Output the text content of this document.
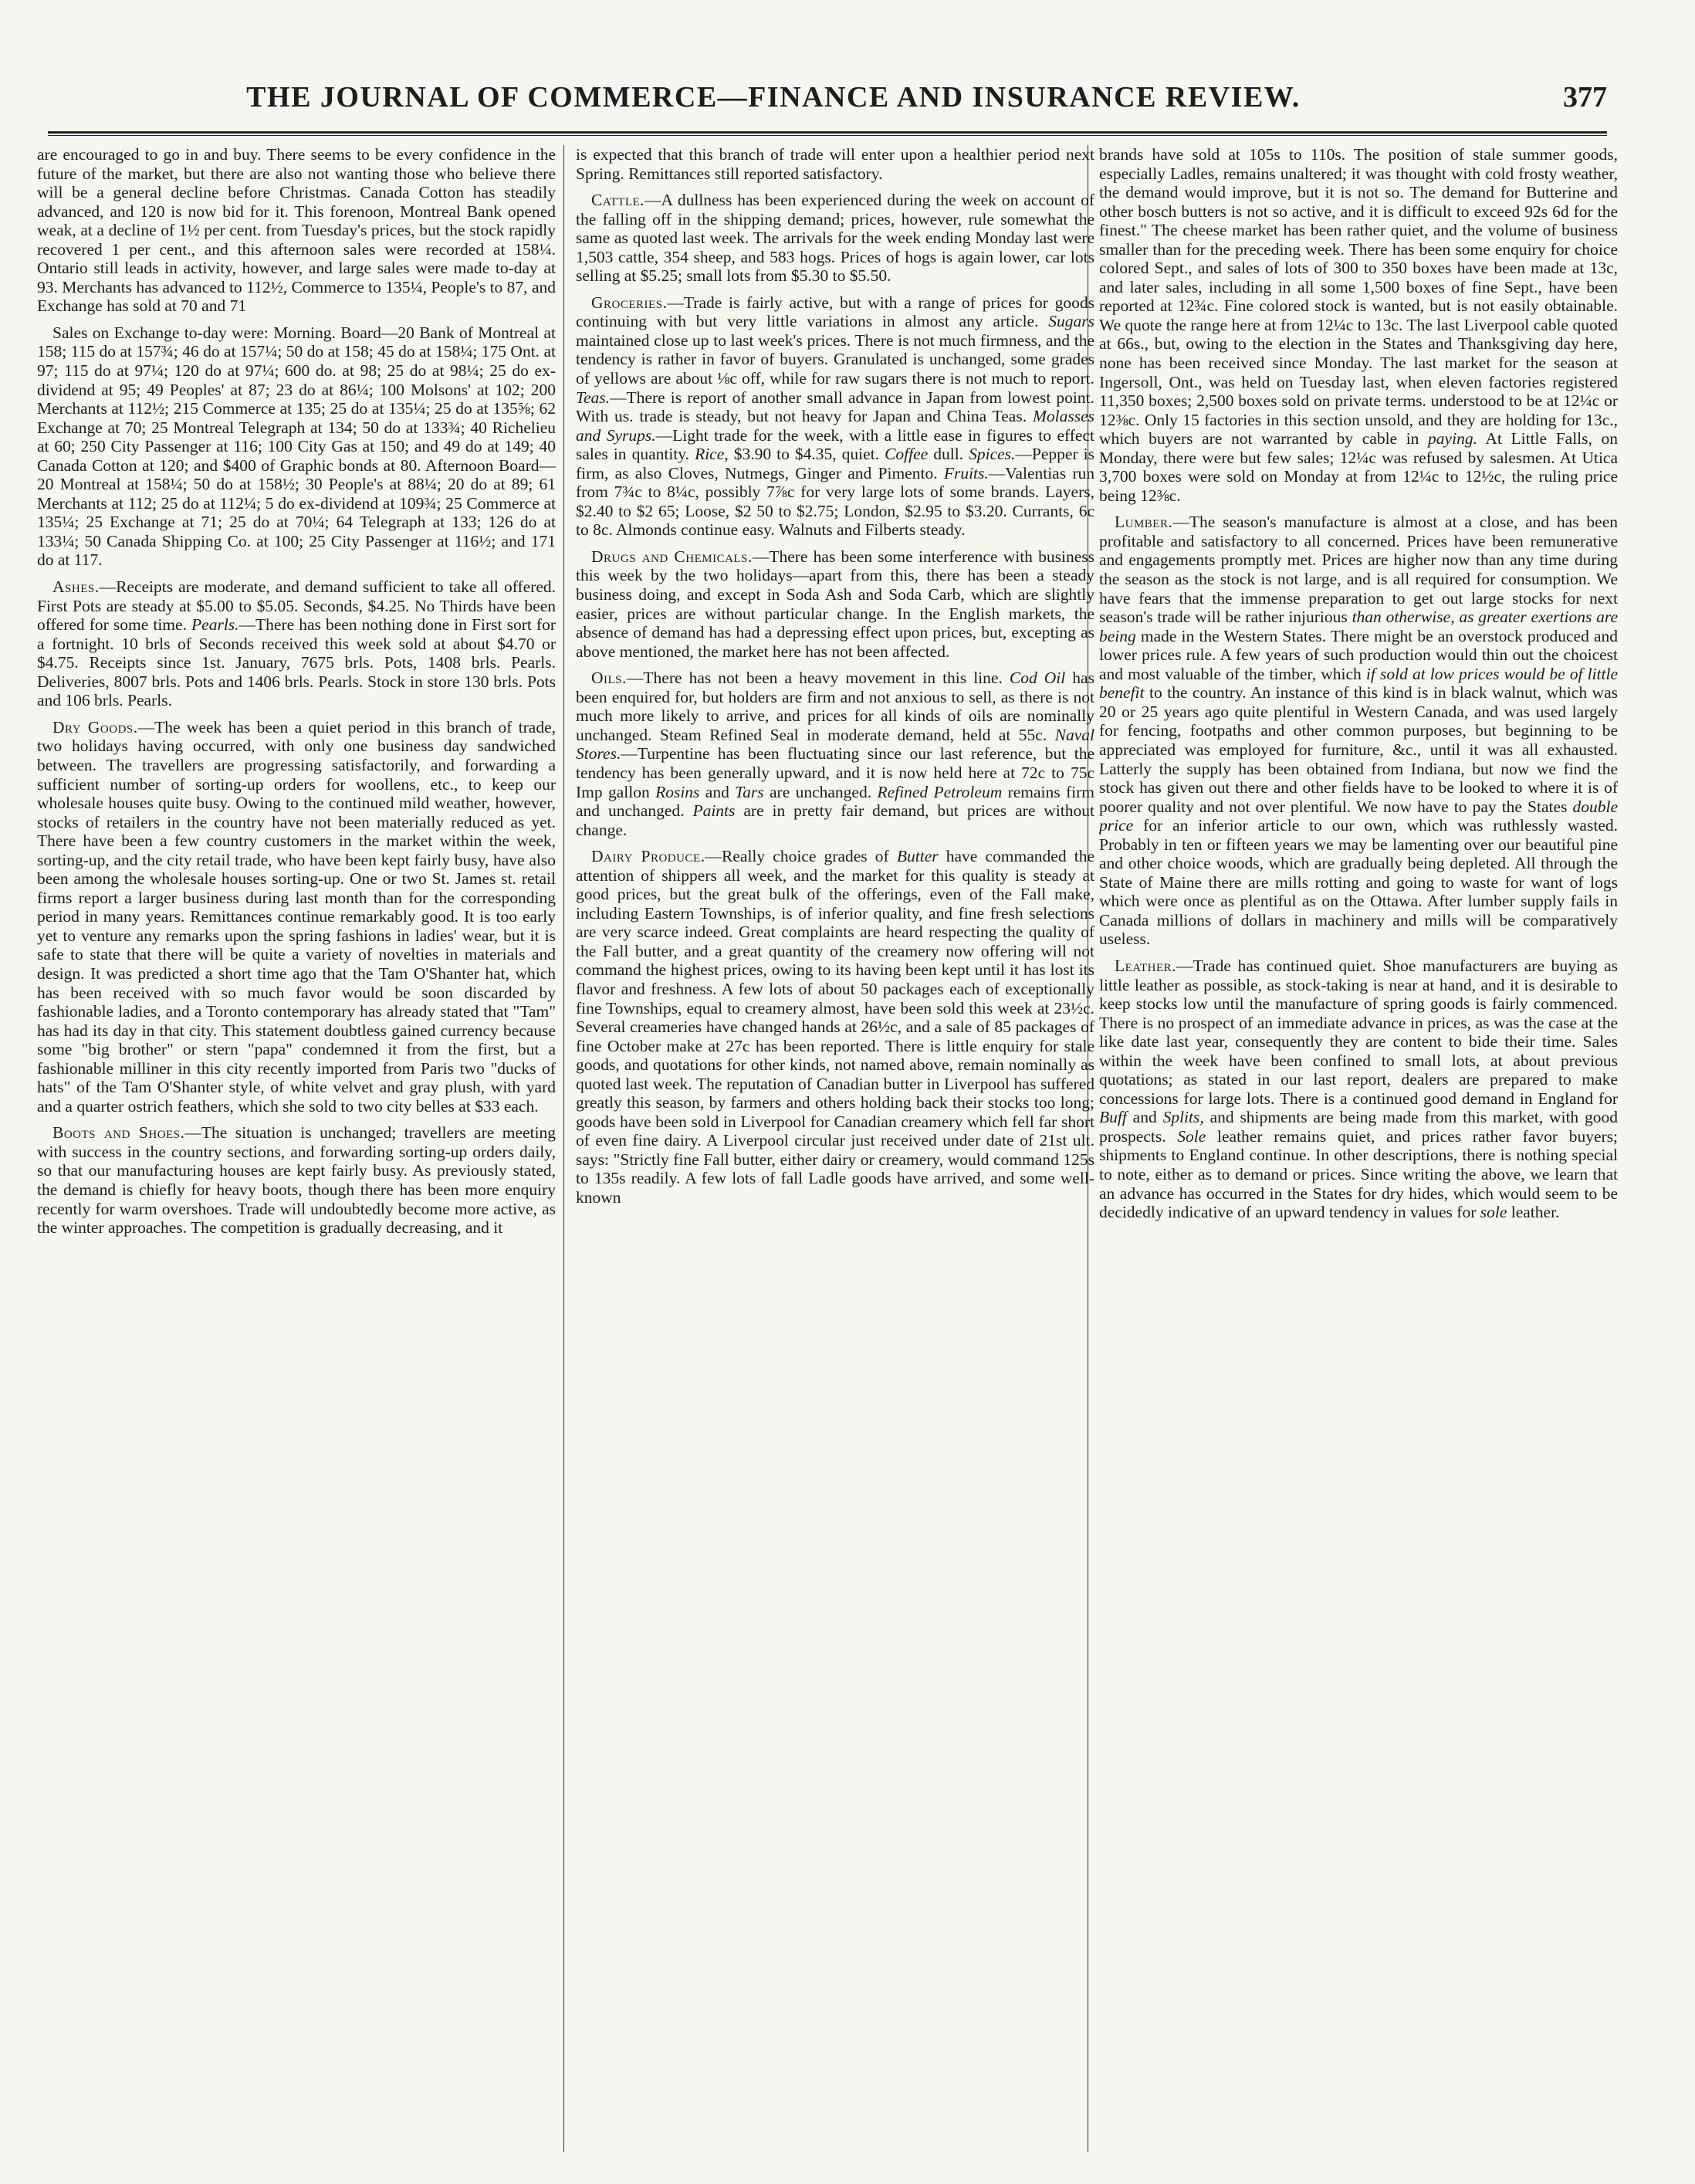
THE JOURNAL OF COMMERCE—FINANCE AND INSURANCE REVIEW.	377

are encouraged to go in and buy. There seems to be every confidence in the future of the market, but there are also not wanting those who believe there will be a general decline before Christmas. Canada Cotton has steadily advanced, and 120 is now bid for it. This forenoon, Montreal Bank opened weak, at a decline of 1½ per cent. from Tuesday's prices, but the stock rapidly recovered 1 per cent., and this afternoon sales were recorded at 158¼. Ontario still leads in activity, however, and large sales were made to-day at 93. Merchants has advanced to 112½, Commerce to 135¼, People's to 87, and Exchange has sold at 70 and 71

Sales on Exchange to-day were: Morning. Board—20 Bank of Montreal at 158; 115 do at 157¾; 46 do at 157¼; 50 do at 158; 45 do at 158¼; 175 Ont. at 97; 115 do at 97¼; 120 do at 97¼; 600 do. at 98; 25 do at 98¼; 25 do ex-dividend at 95; 49 Peoples' at 87; 23 do at 86¼; 100 Molsons' at 102; 200 Merchants at 112½; 215 Commerce at 135; 25 do at 135¼; 25 do at 135⅝; 62 Exchange at 70; 25 Montreal Telegraph at 134; 50 do at 133¾; 40 Richelieu at 60; 250 City Passenger at 116; 100 City Gas at 150; and 49 do at 149; 40 Canada Cotton at 120; and $400 of Graphic bonds at 80. Afternoon Board—20 Montreal at 158¼; 50 do at 158½; 30 People's at 88¼; 20 do at 89; 61 Merchants at 112; 25 do at 112¼; 5 do ex-dividend at 109¾; 25 Commerce at 135¼; 25 Exchange at 71; 25 do at 70¼; 64 Telegraph at 133; 126 do at 133¼; 50 Canada Shipping Co. at 100; 25 City Passenger at 116½; and 171 do at 117.

Ashes.—Receipts are moderate, and demand sufficient to take all offered. First Pots are steady at $5.00 to $5.05. Seconds, $4.25. No Thirds have been offered for some time. Pearls.—There has been nothing done in First sort for a fortnight. 10 brls of Seconds received this week sold at about $4.70 or $4.75. Receipts since 1st. January, 7675 brls. Pots, 1408 brls. Pearls. Deliveries, 8007 brls. Pots and 1406 brls. Pearls. Stock in store 130 brls. Pots and 106 brls. Pearls.

Dry Goods.—The week has been a quiet period in this branch of trade, two holidays having occurred, with only one business day sandwiched between. The travellers are progressing satisfactorily, and forwarding a sufficient number of sorting-up orders for woollens, etc., to keep our wholesale houses quite busy. Owing to the continued mild weather, however, stocks of retailers in the country have not been materially reduced as yet. There have been a few country customers in the market within the week, sorting-up, and the city retail trade, who have been kept fairly busy, have also been among the wholesale houses sorting-up. One or two St. James st. retail firms report a larger business during last month than for the corresponding period in many years. Remittances continue remarkably good. It is too early yet to venture any remarks upon the spring fashions in ladies' wear, but it is safe to state that there will be quite a variety of novelties in materials and design. It was predicted a short time ago that the Tam O'Shanter hat, which has been received with so much favor would be soon discarded by fashionable ladies, and a Toronto contemporary has already stated that "Tam" has had its day in that city. This statement doubtless gained currency because some "big brother" or stern "papa" condemned it from the first, but a fashionable milliner in this city recently imported from Paris two "ducks of hats" of the Tam O'Shanter style, of white velvet and gray plush, with yard and a quarter ostrich feathers, which she sold to two city belles at $33 each.

Boots and Shoes.—The situation is unchanged; travellers are meeting with success in the country sections, and forwarding sorting-up orders daily, so that our manufacturing houses are kept fairly busy. As previously stated, the demand is chiefly for heavy boots, though there has been more enquiry recently for warm overshoes. Trade will undoubtedly become more active, as the winter approaches. The competition is gradually decreasing, and it

is expected that this branch of trade will enter upon a healthier period next Spring. Remittances still reported satisfactory.

Cattle.—A dullness has been experienced during the week on account of the falling off in the shipping demand; prices, however, rule somewhat the same as quoted last week. The arrivals for the week ending Monday last were 1,503 cattle, 354 sheep, and 583 hogs. Prices of hogs is again lower, car lots selling at $5.25; small lots from $5.30 to $5.50.

Groceries.—Trade is fairly active, but with a range of prices for goods continuing with but very little variations in almost any article. Sugars maintained close up to last week's prices. There is not much firmness, and the tendency is rather in favor of buyers. Granulated is unchanged, some grades of yellows are about ⅛c off, while for raw sugars there is not much to report. Teas.—There is report of another small advance in Japan from lowest point. With us. trade is steady, but not heavy for Japan and China Teas. Molasses and Syrups.—Light trade for the week, with a little ease in figures to effect sales in quantity. Rice, $3.90 to $4.35, quiet. Coffee dull. Spices.—Pepper is firm, as also Cloves, Nutmegs, Ginger and Pimento. Fruits.—Valentias run from 7¾c to 8¼c, possibly 7⅞c for very large lots of some brands. Layers, $2.40 to $2 65; Loose, $2 50 to $2.75; London, $2.95 to $3.20. Currants, 6c to 8c. Almonds continue easy. Walnuts and Filberts steady.

Drugs and Chemicals.—There has been some interference with business this week by the two holidays—apart from this, there has been a steady business doing, and except in Soda Ash and Soda Carb, which are slightly easier, prices are without particular change. In the English markets, the absence of demand has had a depressing effect upon prices, but, excepting as above mentioned, the market here has not been affected.

Oils.—There has not been a heavy movement in this line. Cod Oil has been enquired for, but holders are firm and not anxious to sell, as there is not much more likely to arrive, and prices for all kinds of oils are nominally unchanged. Steam Refined Seal in moderate demand, held at 55c. Naval Stores.—Turpentine has been fluctuating since our last reference, but the tendency has been generally upward, and it is now held here at 72c to 75c Imp gallon Rosins and Tars are unchanged. Refined Petroleum remains firm and unchanged. Paints are in pretty fair demand, but prices are without change.

Dairy Produce.—Really choice grades of Butter have commanded the attention of shippers all week, and the market for this quality is steady at good prices, but the great bulk of the offerings, even of the Fall make, including Eastern Townships, is of inferior quality, and fine fresh selections are very scarce indeed. Great complaints are heard respecting the quality of the Fall butter, and a great quantity of the creamery now offering will not command the highest prices, owing to its having been kept until it has lost its flavor and freshness. A few lots of about 50 packages each of exceptionally fine Townships, equal to creamery almost, have been sold this week at 23½c. Several creameries have changed hands at 26½c, and a sale of 85 packages of fine October make at 27c has been reported. There is little enquiry for stale goods, and quotations for other kinds, not named above, remain nominally as quoted last week. The reputation of Canadian butter in Liverpool has suffered greatly this season, by farmers and others holding back their stocks too long; goods have been sold in Liverpool for Canadian creamery which fell far short of even fine dairy. A Liverpool circular just received under date of 21st ult. says: "Strictly fine Fall butter, either dairy or creamery, would command 125s to 135s readily. A few lots of fall Ladle goods have arrived, and some well-known

brands have sold at 105s to 110s. The position of stale summer goods, especially Ladles, remains unaltered; it was thought with cold frosty weather, the demand would improve, but it is not so. The demand for Butterine and other bosch butters is not so active, and it is difficult to exceed 92s 6d for the finest." The cheese market has been rather quiet, and the volume of business smaller than for the preceding week. There has been some enquiry for choice colored Sept., and sales of lots of 300 to 350 boxes have been made at 13c, and later sales, including in all some 1,500 boxes of fine Sept., have been reported at 12¾c. Fine colored stock is wanted, but is not easily obtainable. We quote the range here at from 12¼c to 13c. The last Liverpool cable quoted at 66s., but, owing to the election in the States and Thanksgiving day here, none has been received since Monday. The last market for the season at Ingersoll, Ont., was held on Tuesday last, when eleven factories registered 11,350 boxes; 2,500 boxes sold on private terms. understood to be at 12¼c or 12⅜c. Only 15 factories in this section unsold, and they are holding for 13c., which buyers are not warranted by cable in paying. At Little Falls, on Monday, there were but few sales; 12¼c was refused by salesmen. At Utica 3,700 boxes were sold on Monday at from 12¼c to 12½c, the ruling price being 12⅜c.

Lumber.—The season's manufacture is almost at a close, and has been profitable and satisfactory to all concerned. Prices have been remunerative and engagements promptly met. Prices are higher now than any time during the season as the stock is not large, and is all required for consumption. We have fears that the immense preparation to get out large stocks for next season's trade will be rather injurious than otherwise, as greater exertions are being made in the Western States. There might be an overstock produced and lower prices rule. A few years of such production would thin out the choicest and most valuable of the timber, which if sold at low prices would be of little benefit to the country. An instance of this kind is in black walnut, which was 20 or 25 years ago quite plentiful in Western Canada, and was used largely for fencing, footpaths and other common purposes, but beginning to be appreciated was employed for furniture, &c., until it was all exhausted. Latterly the supply has been obtained from Indiana, but now we find the stock has given out there and other fields have to be looked to where it is of poorer quality and not over plentiful. We now have to pay the States double price for an inferior article to our own, which was ruthlessly wasted. Probably in ten or fifteen years we may be lamenting over our beautiful pine and other choice woods, which are gradually being depleted. All through the State of Maine there are mills rotting and going to waste for want of logs which were once as plentiful as on the Ottawa. After lumber supply fails in Canada millions of dollars in machinery and mills will be comparatively useless.

Leather.—Trade has continued quiet. Shoe manufacturers are buying as little leather as possible, as stock-taking is near at hand, and it is desirable to keep stocks low until the manufacture of spring goods is fairly commenced. There is no prospect of an immediate advance in prices, as was the case at the like date last year, consequently they are content to bide their time. Sales within the week have been confined to small lots, at about previous quotations; as stated in our last report, dealers are prepared to make concessions for large lots. There is a continued good demand in England for Buff and Splits, and shipments are being made from this market, with good prospects. Sole leather remains quiet, and prices rather favor buyers; shipments to England continue. In other descriptions, there is nothing special to note, either as to demand or prices. Since writing the above, we learn that an advance has occurred in the States for dry hides, which would seem to be decidedly indicative of an upward tendency in values for sole leather.
